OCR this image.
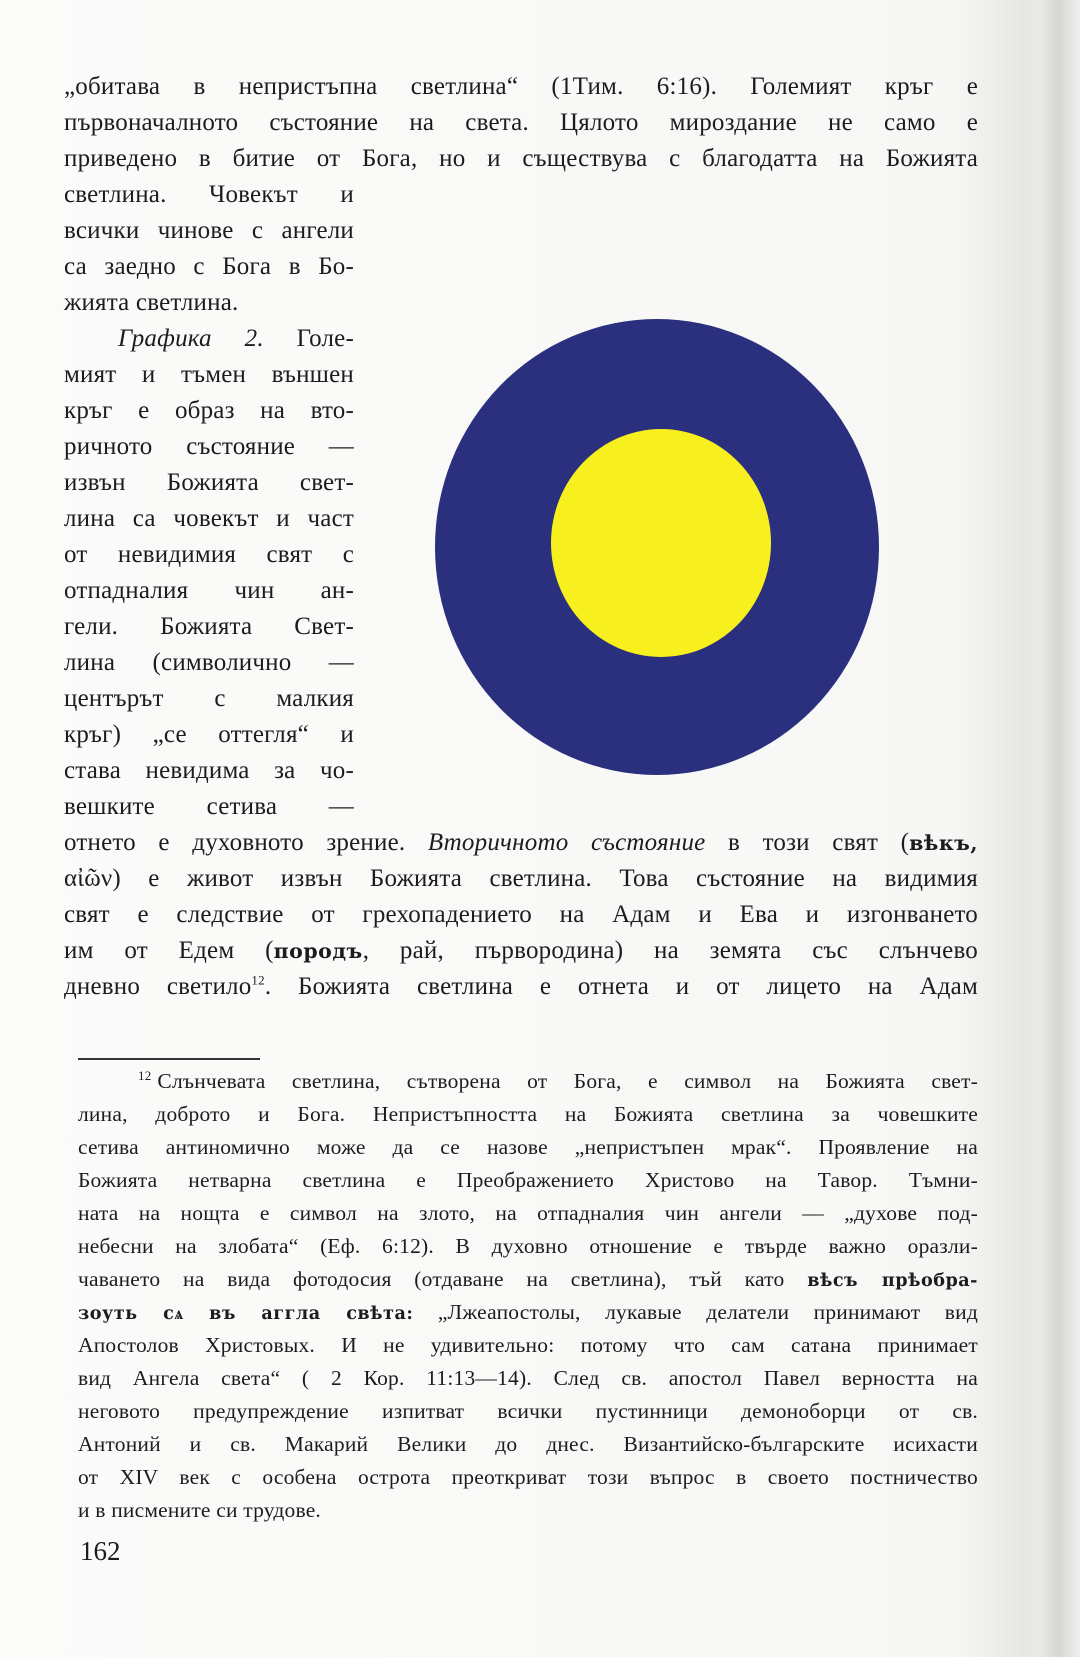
„обитава в непристъпна светлина“ (1Тим. 6:16). Големият кръг е
първоначалното състояние на света. Цялото мироздание не само е
приведено в битие от Бога, но и съществува с благодатта на Божията
светлина. Човекът и
всички чинове с ангели
са заедно с Бога в Бо-
жията светлина.
Графика 2. Голе-
мият и тъмен външен
кръг е образ на вто-
ричното състояние —
извън Божията свет-
лина са човекът и част
от невидимия свят с
отпадналия чин ан-
гели. Божията Свет-
лина (символично —
центърът с малкия
кръг) „се оттегля“ и
става невидима за чо-
вешките сетива —
отнето е духовното зрение. Вторичното състояние в този свят (вѣкъ,
αἰῶν) е живот извън Божията светлина. Това състояние на видимия
свят е следствие от грехопадението на Адам и Ева и изгонването
им от Едем (породъ, рай, първородина) на земята със слънчево
дневно светило$^{12}$. Божията светлина е отнета и от лицето на Адам
$^{12}$ Слънчевата светлина, сътворена от Бога, е символ на Божията свет-
лина, доброто и Бога. Непристъпността на Божията светлина за човешките
сетива антиномично може да се назове „непристъпен мрак“. Проявление на
Божията нетварна светлина е Преображението Христово на Тавор. Тъмни-
ната на нощта е символ на злото, на отпадналия чин ангели — „духове под-
небесни на злобата“ (Еф. 6:12). В духовно отношение е твърде важно оразли-
чаването на вида фотодосия (отдаване на светлина), тъй като вѣсъ прѣобра-
зоуть сѧ въ аггла свѣта: „Лжеапостолы, лукавые делатели принимают вид
Апостолов Христовых. И не удивительно: потому что сам сатана принимает
вид Ангела света“ ( 2 Кор. 11:13—14). След св. апостол Павел верността на
неговото предупреждение изпитват всички пустинници демоноборци от св.
Антоний и св. Макарий Велики до днес. Византийско-българските исихасти
от XIV век с особена острота преоткриват този въпрос в своето постничество
и в писмените си трудове.
162
